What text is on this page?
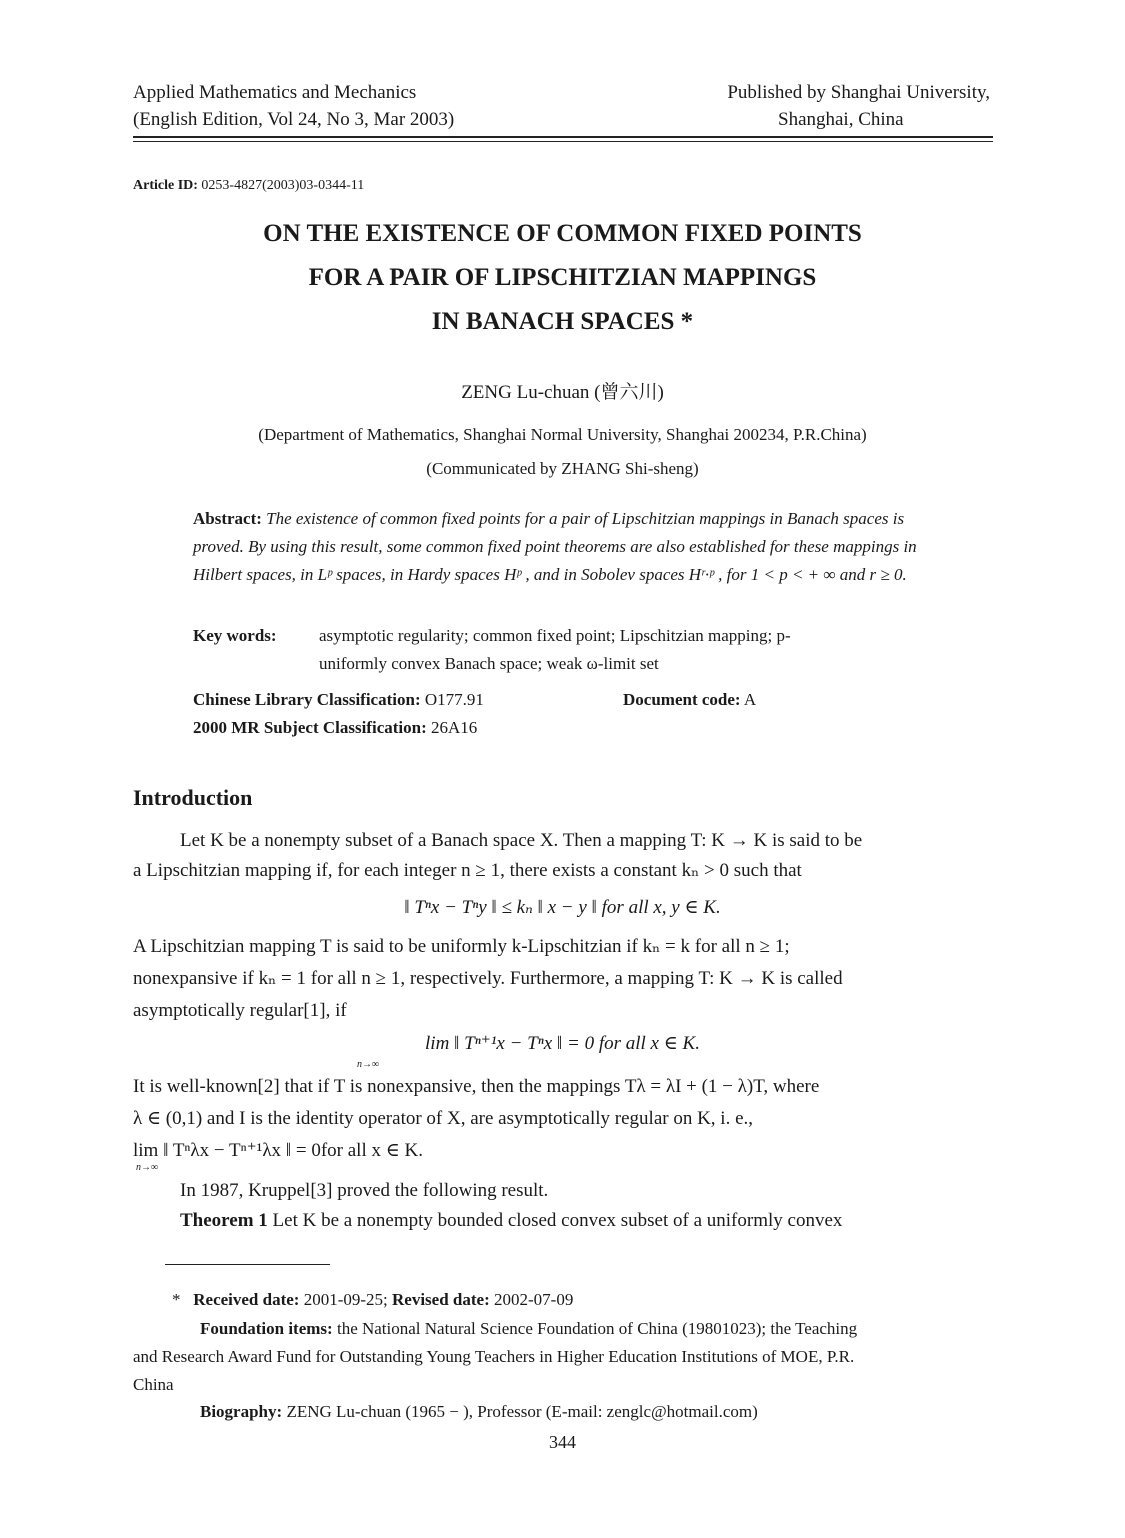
Applied Mathematics and Mechanics
(English Edition, Vol 24, No 3, Mar 2003)
Published by Shanghai University,
Shanghai, China
Article ID: 0253-4827(2003)03-0344-11
ON THE EXISTENCE OF COMMON FIXED POINTS
FOR A PAIR OF LIPSCHITZIAN MAPPINGS
IN BANACH SPACES *
ZENG Lu-chuan (曾六川)
(Department of Mathematics, Shanghai Normal University, Shanghai 200234, P.R.China)
(Communicated by ZHANG Shi-sheng)
Abstract: The existence of common fixed points for a pair of Lipschitzian mappings in Banach spaces is proved. By using this result, some common fixed point theorems are also established for these mappings in Hilbert spaces, in Lᵖ spaces, in Hardy spaces Hᵖ , and in Sobolev spaces Hʳ·ᵖ , for 1 < p < + ∞ and r ≥ 0.
Key words: asymptotic regularity; common fixed point; Lipschitzian mapping; p-
uniformly convex Banach space; weak ω-limit set
Chinese Library Classification: O177.91	Document code: A
2000 MR Subject Classification: 26A16
Introduction
Let K be a nonempty subset of a Banach space X. Then a mapping T: K → K is said to be
a Lipschitzian mapping if, for each integer n ≥ 1, there exists a constant kₙ > 0 such that
‖ Tⁿx − Tⁿy ‖ ≤ kₙ ‖ x − y ‖ for all x, y ∈ K.
A Lipschitzian mapping T is said to be uniformly k-Lipschitzian if kₙ = k for all n ≥ 1;
nonexpansive if kₙ = 1 for all n ≥ 1, respectively. Furthermore, a mapping T: K → K is called
asymptotically regular[1], if
lim ‖ Tⁿ⁺¹x − Tⁿx ‖ = 0 for all x ∈ K.
n→∞
It is well-known[2] that if T is nonexpansive, then the mappings Tλ = λI + (1 − λ)T, where
λ ∈ (0,1) and I is the identity operator of X, are asymptotically regular on K, i. e.,
lim ‖ Tⁿλx − Tⁿ⁺¹λx ‖ = 0for all x ∈ K.
n→∞
In 1987, Kruppel[3] proved the following result.
Theorem 1 Let K be a nonempty bounded closed convex subset of a uniformly convex
* Received date: 2001-09-25; Revised date: 2002-07-09
Foundation items: the National Natural Science Foundation of China (19801023); the Teaching
and Research Award Fund for Outstanding Young Teachers in Higher Education Institutions of MOE, P.R.
China
Biography: ZENG Lu-chuan (1965 − ), Professor (E-mail: zenglc@hotmail.com)
344
